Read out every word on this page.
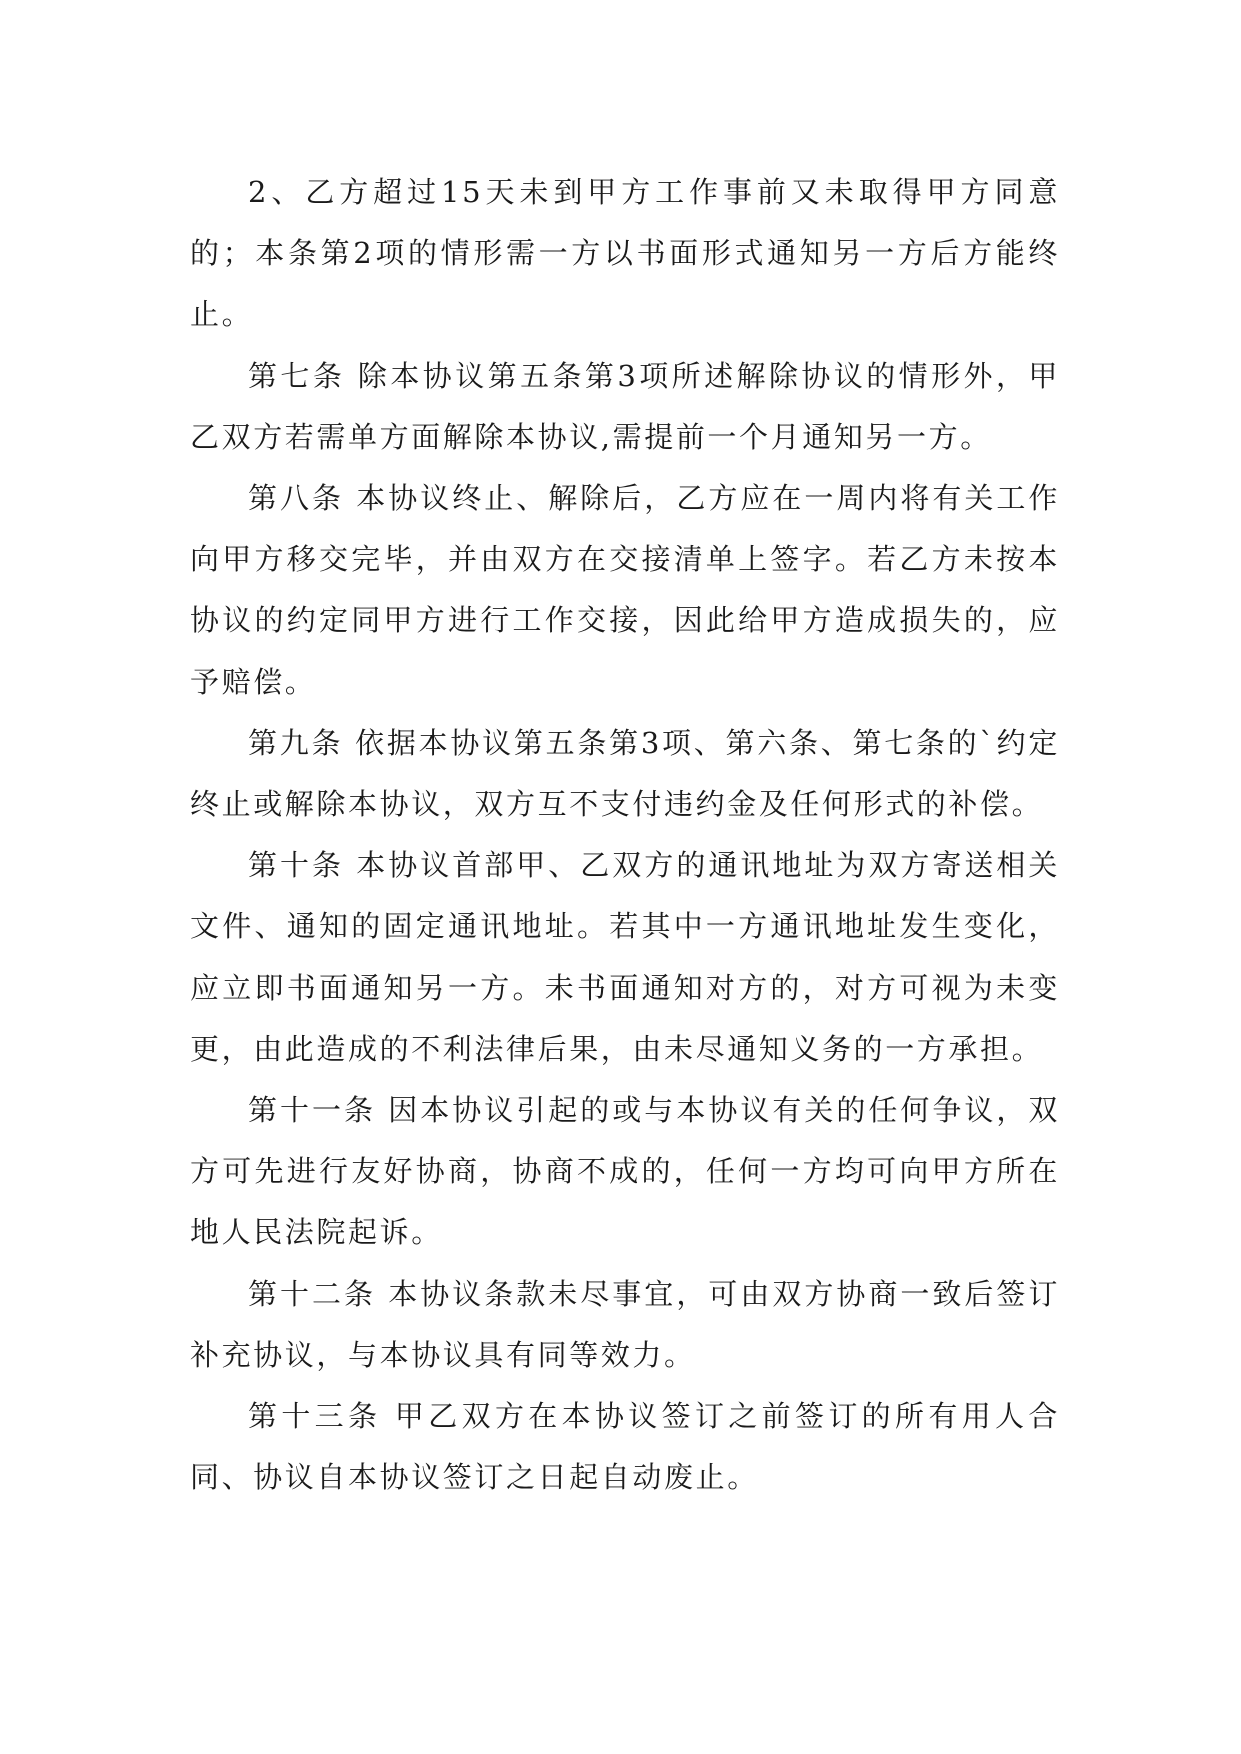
2、乙方超过15天未到甲方工作事前又未取得甲方同意的；本条第2项的情形需一方以书面形式通知另一方后方能终止。

第七条 除本协议第五条第3项所述解除协议的情形外，甲乙双方若需单方面解除本协议,需提前一个月通知另一方。

第八条 本协议终止、解除后，乙方应在一周内将有关工作向甲方移交完毕，并由双方在交接清单上签字。若乙方未按本协议的约定同甲方进行工作交接，因此给甲方造成损失的，应予赔偿。

第九条 依据本协议第五条第3项、第六条、第七条的`约定终止或解除本协议，双方互不支付违约金及任何形式的补偿。

第十条 本协议首部甲、乙双方的通讯地址为双方寄送相关文件、通知的固定通讯地址。若其中一方通讯地址发生变化，应立即书面通知另一方。未书面通知对方的，对方可视为未变更，由此造成的不利法律后果，由未尽通知义务的一方承担。

第十一条 因本协议引起的或与本协议有关的任何争议，双方可先进行友好协商，协商不成的，任何一方均可向甲方所在地人民法院起诉。

第十二条 本协议条款未尽事宜，可由双方协商一致后签订补充协议，与本协议具有同等效力。

第十三条 甲乙双方在本协议签订之前签订的所有用人合同、协议自本协议签订之日起自动废止。
